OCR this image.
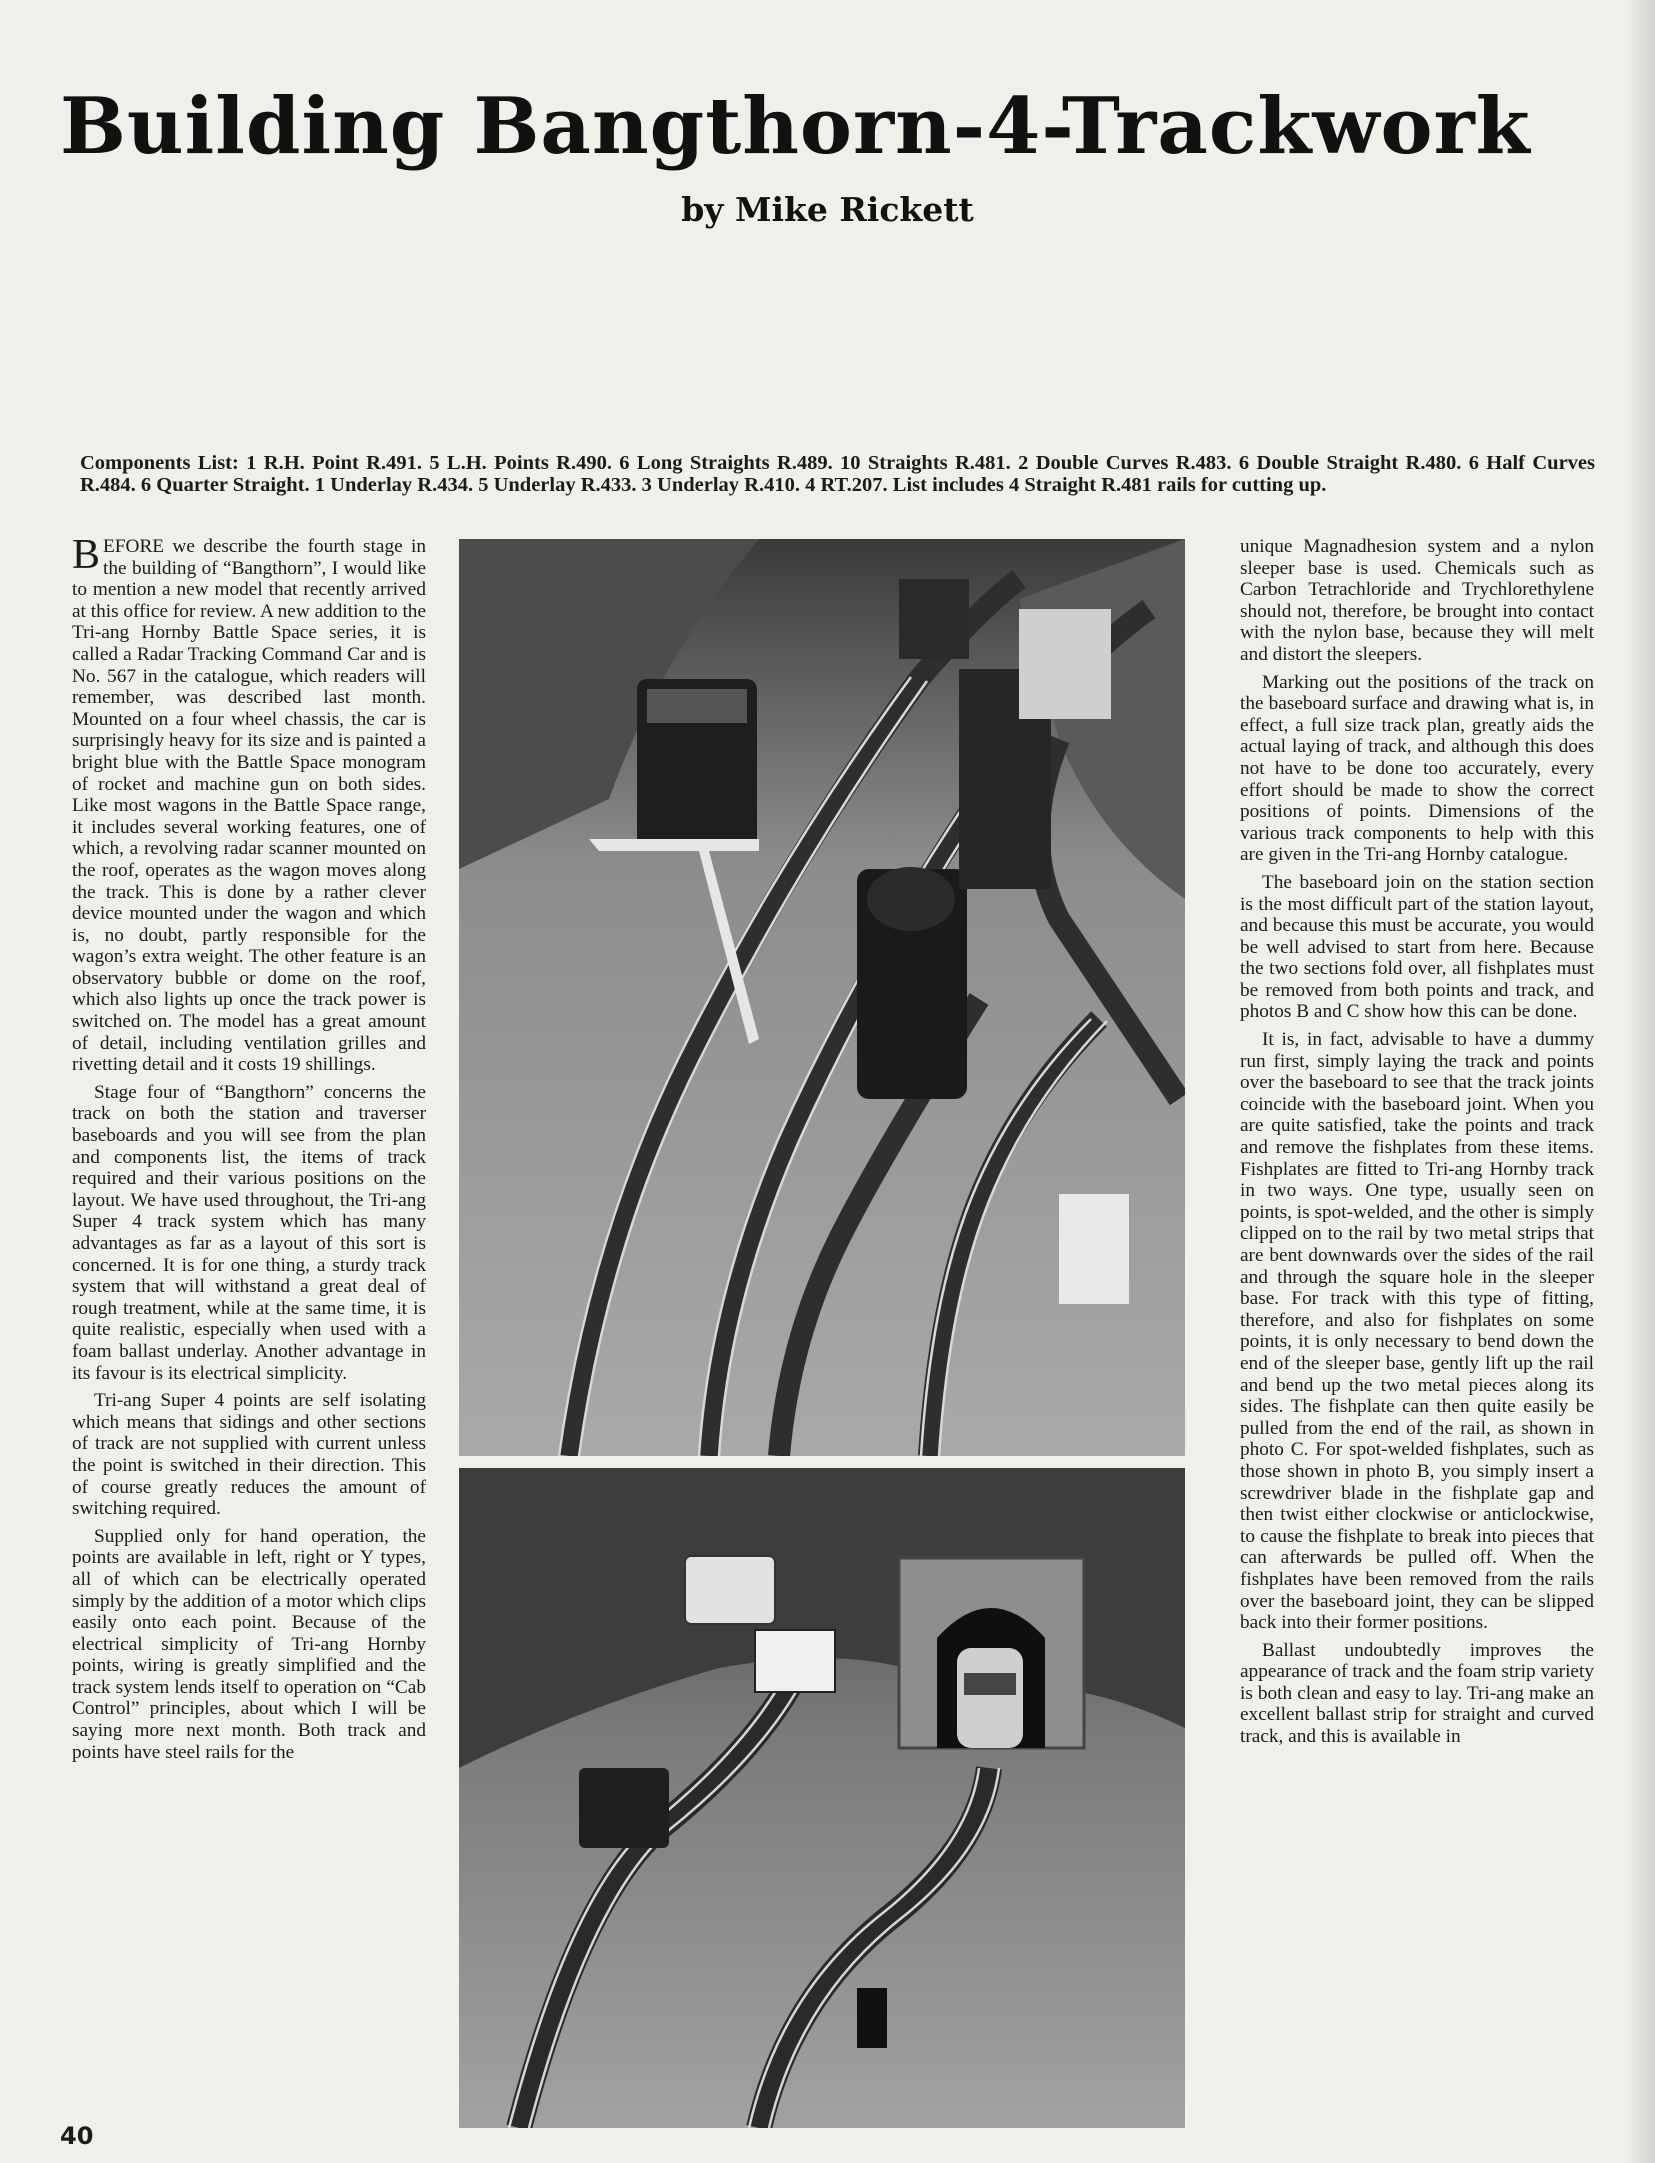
Building Bangthorn-4-Trackwork
by Mike Rickett
Components List: 1 R.H. Point R.491. 5 L.H. Points R.490. 6 Long Straights R.489. 10 Straights R.481. 2 Double Curves R.483. 6 Double Straight R.480. 6 Half Curves R.484. 6 Quarter Straight. 1 Underlay R.434. 5 Underlay R.433. 3 Underlay R.410. 4 RT.207. List includes 4 Straight R.481 rails for cutting up.

BEFORE we describe the fourth stage in the building of “Bangthorn”, I would like to mention a new model that recently arrived at this office for review. A new addition to the Tri-ang Hornby Battle Space series, it is called a Radar Tracking Command Car and is No. 567 in the catalogue, which readers will remember, was described last month. Mounted on a four wheel chassis, the car is surprisingly heavy for its size and is painted a bright blue with the Battle Space monogram of rocket and machine gun on both sides. Like most wagons in the Battle Space range, it includes several working features, one of which, a revolving radar scanner mounted on the roof, operates as the wagon moves along the track. This is done by a rather clever device mounted under the wagon and which is, no doubt, partly responsible for the wagon’s extra weight. The other feature is an observatory bubble or dome on the roof, which also lights up once the track power is switched on. The model has a great amount of detail, including ventilation grilles and rivetting detail and it costs 19 shillings.

Stage four of “Bangthorn” concerns the track on both the station and traverser baseboards and you will see from the plan and components list, the items of track required and their various positions on the layout. We have used throughout, the Tri-ang Super 4 track system which has many advantages as far as a layout of this sort is concerned. It is for one thing, a sturdy track system that will withstand a great deal of rough treatment, while at the same time, it is quite realistic, especially when used with a foam ballast underlay. Another advantage in its favour is its electrical simplicity.

Tri-ang Super 4 points are self isolating which means that sidings and other sections of track are not supplied with current unless the point is switched in their direction. This of course greatly reduces the amount of switching required.

Supplied only for hand operation, the points are available in left, right or Y types, all of which can be electrically operated simply by the addition of a motor which clips easily onto each point. Because of the electrical simplicity of Tri-ang Hornby points, wiring is greatly simplified and the track system lends itself to operation on “Cab Control” principles, about which I will be saying more next month. Both track and points have steel rails for the

unique Magnadhesion system and a nylon sleeper base is used. Chemicals such as Carbon Tetrachloride and Trychlorethylene should not, therefore, be brought into contact with the nylon base, because they will melt and distort the sleepers.

Marking out the positions of the track on the baseboard surface and drawing what is, in effect, a full size track plan, greatly aids the actual laying of track, and although this does not have to be done too accurately, every effort should be made to show the correct positions of points. Dimensions of the various track components to help with this are given in the Tri-ang Hornby catalogue.

The baseboard join on the station section is the most difficult part of the station layout, and because this must be accurate, you would be well advised to start from here. Because the two sections fold over, all fishplates must be removed from both points and track, and photos B and C show how this can be done.

It is, in fact, advisable to have a dummy run first, simply laying the track and points over the baseboard to see that the track joints coincide with the baseboard joint. When you are quite satisfied, take the points and track and remove the fishplates from these items. Fishplates are fitted to Tri-ang Hornby track in two ways. One type, usually seen on points, is spot-welded, and the other is simply clipped on to the rail by two metal strips that are bent downwards over the sides of the rail and through the square hole in the sleeper base. For track with this type of fitting, therefore, and also for fishplates on some points, it is only necessary to bend down the end of the sleeper base, gently lift up the rail and bend up the two metal pieces along its sides. The fishplate can then quite easily be pulled from the end of the rail, as shown in photo C. For spot-welded fishplates, such as those shown in photo B, you simply insert a screwdriver blade in the fishplate gap and then twist either clockwise or anticlockwise, to cause the fishplate to break into pieces that can afterwards be pulled off. When the fishplates have been removed from the rails over the baseboard joint, they can be slipped back into their former positions.

Ballast undoubtedly improves the appearance of track and the foam strip variety is both clean and easy to lay. Tri-ang make an excellent ballast strip for straight and curved track, and this is available in

40
